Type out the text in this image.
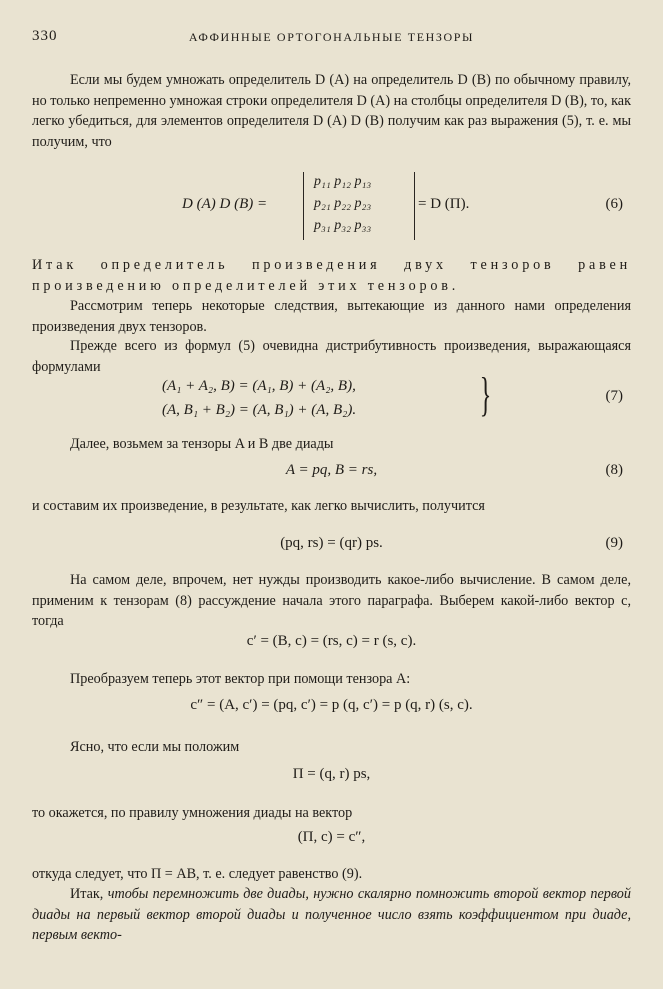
330	АФФИННЫЕ ОРТОГОНАЛЬНЫЕ ТЕНЗОРЫ
Если мы будем умножать определитель D (A) на определитель D (B) по обычному правилу, но только непременно умножая строки определителя D (A) на столбцы определителя D (B), то, как легко убедиться, для элементов определителя D (A) D (B) получим как раз выражения (5), т. е. мы получим, что
D (A) D (B) =
p₁₁ p₁₂ p₁₃
p₂₁ p₂₂ p₂₃
p₃₁ p₃₂ p₃₃
= D (Π).	(6)
Итак определитель произведения двух тензоров равен произведению определителей этих тензоров.
Рассмотрим теперь некоторые следствия, вытекающие из данного нами определения произведения двух тензоров.
Прежде всего из формул (5) очевидна дистрибутивность произведения, выражающаяся формулами
(A₁ + A₂, B) = (A₁, B) + (A₂, B),
(A, B₁ + B₂) = (A, B₁) + (A, B₂).	}	(7)
Далее, возьмем за тензоры A и B две диады
A = pq, B = rs,	(8)
и составим их произведение, в результате, как легко вычислить, получится
(pq, rs) = (qr) ps.	(9)
На самом деле, впрочем, нет нужды производить какое-либо вычисление. В самом деле, применим к тензорам (8) рассуждение начала этого параграфа. Выберем какой-либо вектор c, тогда
c′ = (B, c) = (rs, c) = r (s, c).
Преобразуем теперь этот вектор при помощи тензора A:
c″ = (A, c′) = (pq, c′) = p (q, c′) = p (q, r) (s, c).
Ясно, что если мы положим
Π = (q, r) ps,
то окажется, по правилу умножения диады на вектор
(Π, c) = c″,
откуда следует, что Π = AB, т. е. следует равенство (9).
Итак, чтобы перемножить две диады, нужно скалярно помножить второй вектор первой диады на первый вектор второй диады и полученное число взять коэффициентом при диаде, первым векто-
